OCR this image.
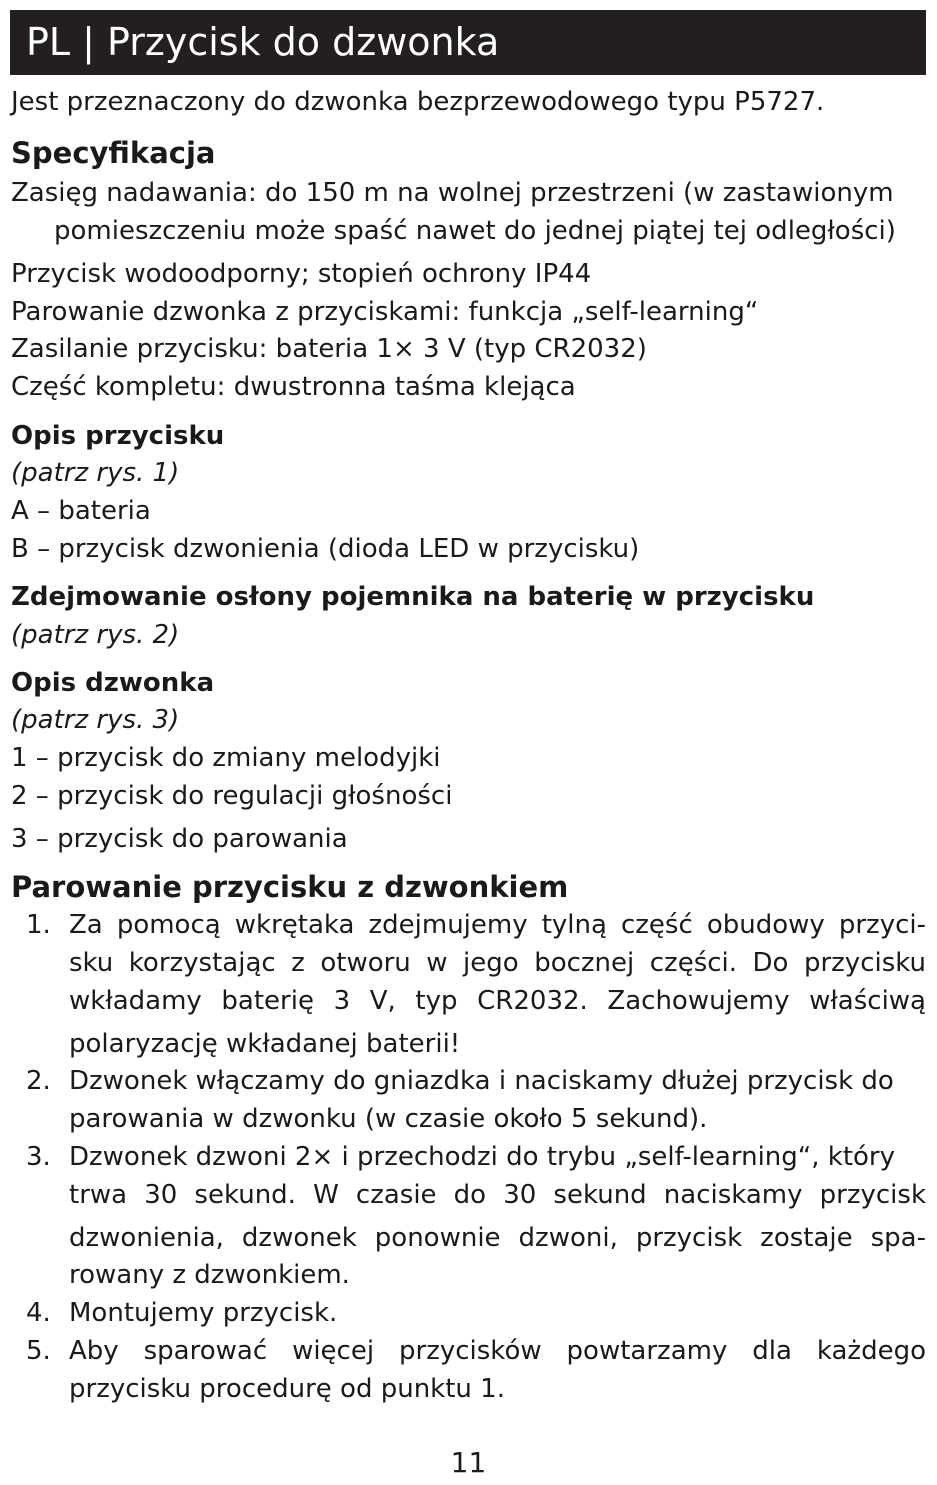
PL | Przycisk do dzwonka
Jest przeznaczony do dzwonka bezprzewodowego typu P5727.
Specyfikacja
Zasięg nadawania: do 150 m na wolnej przestrzeni (w zastawionym
pomieszczeniu może spaść nawet do jednej piątej tej odległości)
Przycisk wodoodporny; stopień ochrony IP44
Parowanie dzwonka z przyciskami: funkcja „self-learning“
Zasilanie przycisku: bateria 1× 3 V (typ CR2032)
Część kompletu: dwustronna taśma klejąca
Opis przycisku
(patrz rys. 1)
A – bateria
B – przycisk dzwonienia (dioda LED w przycisku)
Zdejmowanie osłony pojemnika na baterię w przycisku
(patrz rys. 2)
Opis dzwonka
(patrz rys. 3)
1 – przycisk do zmiany melodyjki
2 – przycisk do regulacji głośności
3 – przycisk do parowania
Parowanie przycisku z dzwonkiem
1. Za pomocą wkrętaka zdejmujemy tylną część obudowy przyci-
sku korzystając z otworu w jego bocznej części. Do przycisku
wkładamy baterię 3 V, typ CR2032. Zachowujemy właściwą
polaryzację wkładanej baterii!
2. Dzwonek włączamy do gniazdka i naciskamy dłużej przycisk do
parowania w dzwonku (w czasie około 5 sekund).
3. Dzwonek dzwoni 2× i przechodzi do trybu „self-learning“, który
trwa 30 sekund. W czasie do 30 sekund naciskamy przycisk
dzwonienia, dzwonek ponownie dzwoni, przycisk zostaje spa-
rowany z dzwonkiem.
4. Montujemy przycisk.
5. Aby sparować więcej przycisków powtarzamy dla każdego
przycisku procedurę od punktu 1.
11
